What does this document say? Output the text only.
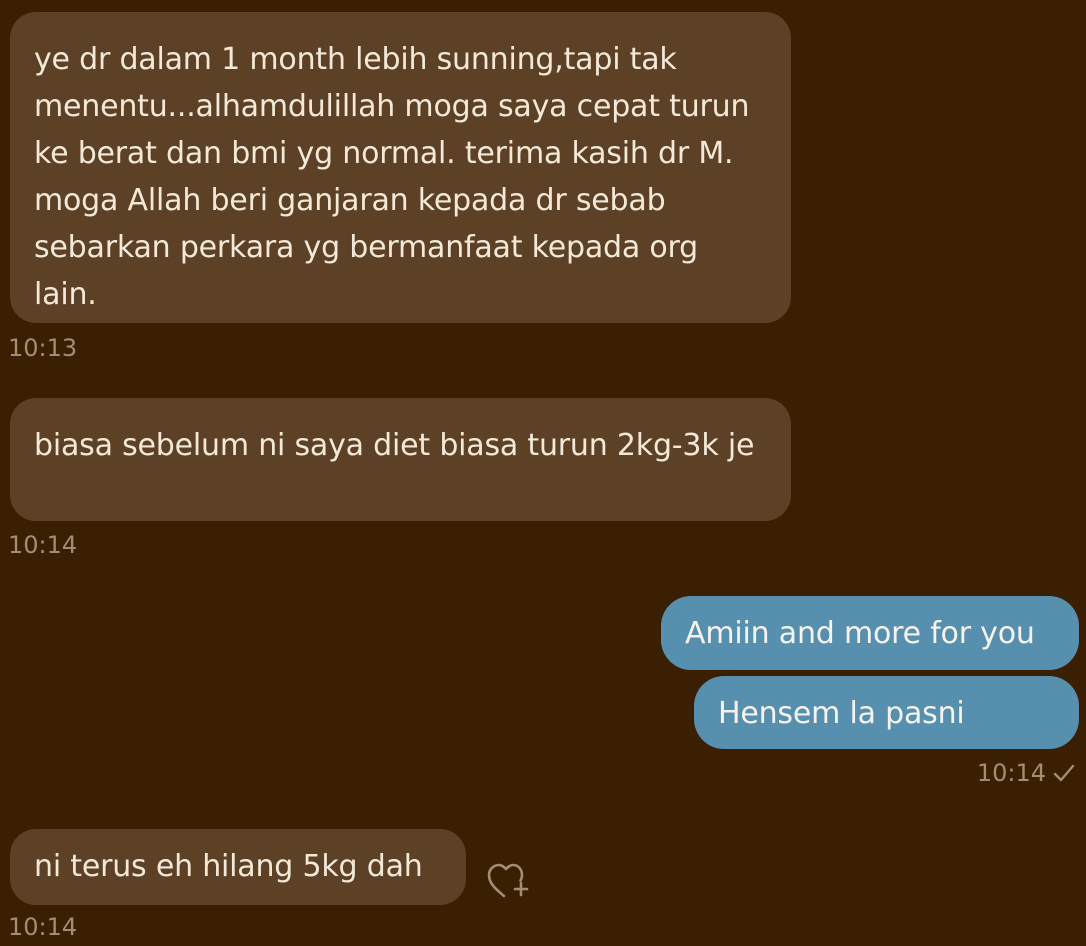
ye dr dalam 1 month lebih sunning,tapi tak menentu...alhamdulillah moga saya cepat turun ke berat dan bmi yg normal. terima kasih dr M. moga Allah beri ganjaran kepada dr sebab sebarkan perkara yg bermanfaat kepada org lain.
10:13
biasa sebelum ni saya diet biasa turun 2kg-3k je
10:14
Amiin and more for you
Hensem la pasni
10:14
ni terus eh hilang 5kg dah
10:14
